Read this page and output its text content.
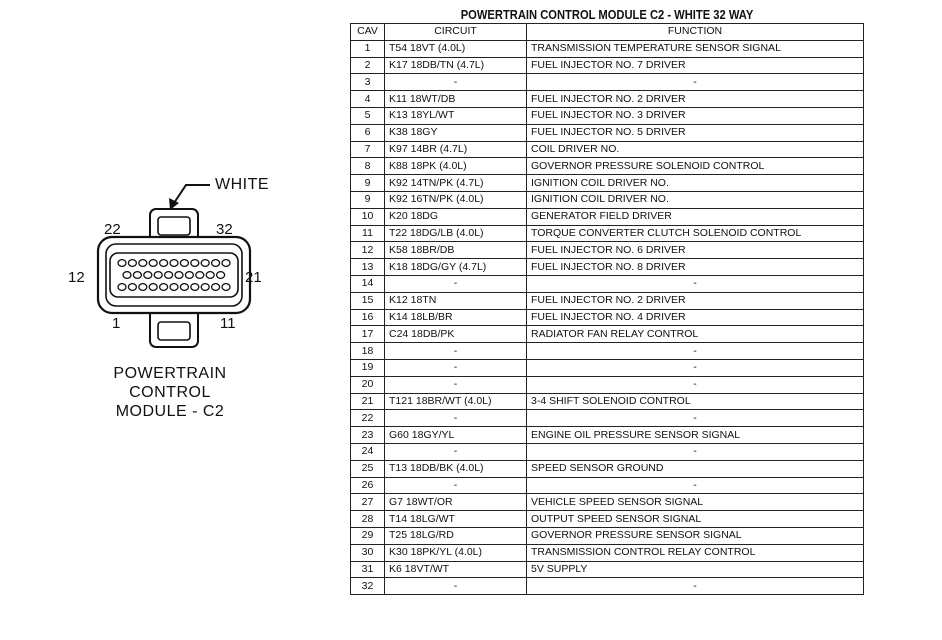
22	32
12	21
1	11
WHITE
POWERTRAIN
CONTROL
MODULE - C2
POWERTRAIN CONTROL MODULE C2 - WHITE 32 WAY
CAV	CIRCUIT	FUNCTION
1	T54 18VT (4.0L)	TRANSMISSION TEMPERATURE SENSOR SIGNAL
2	K17 18DB/TN (4.7L)	FUEL INJECTOR NO. 7 DRIVER
3	-	-
4	K11 18WT/DB	FUEL INJECTOR NO. 2 DRIVER
5	K13 18YL/WT	FUEL INJECTOR NO. 3 DRIVER
6	K38 18GY	FUEL INJECTOR NO. 5 DRIVER
7	K97 14BR (4.7L)	COIL DRIVER NO.
8	K88 18PK (4.0L)	GOVERNOR PRESSURE SOLENOID CONTROL
9	K92 14TN/PK (4.7L)	IGNITION COIL DRIVER NO.
9	K92 16TN/PK (4.0L)	IGNITION COIL DRIVER NO.
10	K20 18DG	GENERATOR FIELD DRIVER
11	T22 18DG/LB (4.0L)	TORQUE CONVERTER CLUTCH SOLENOID CONTROL
12	K58 18BR/DB	FUEL INJECTOR NO. 6 DRIVER
13	K18 18DG/GY (4.7L)	FUEL INJECTOR NO. 8 DRIVER
14	-	-
15	K12 18TN	FUEL INJECTOR NO. 2 DRIVER
16	K14 18LB/BR	FUEL INJECTOR NO. 4 DRIVER
17	C24 18DB/PK	RADIATOR FAN RELAY CONTROL
18	-	-
19	-	-
20	-	-
21	T121 18BR/WT (4.0L)	3-4 SHIFT SOLENOID CONTROL
22	-	-
23	G60 18GY/YL	ENGINE OIL PRESSURE SENSOR SIGNAL
24	-	-
25	T13 18DB/BK (4.0L)	SPEED SENSOR GROUND
26	-	-
27	G7 18WT/OR	VEHICLE SPEED SENSOR SIGNAL
28	T14 18LG/WT	OUTPUT SPEED SENSOR SIGNAL
29	T25 18LG/RD	GOVERNOR PRESSURE SENSOR SIGNAL
30	K30 18PK/YL (4.0L)	TRANSMISSION CONTROL RELAY CONTROL
31	K6 18VT/WT	5V SUPPLY
32	-	-
